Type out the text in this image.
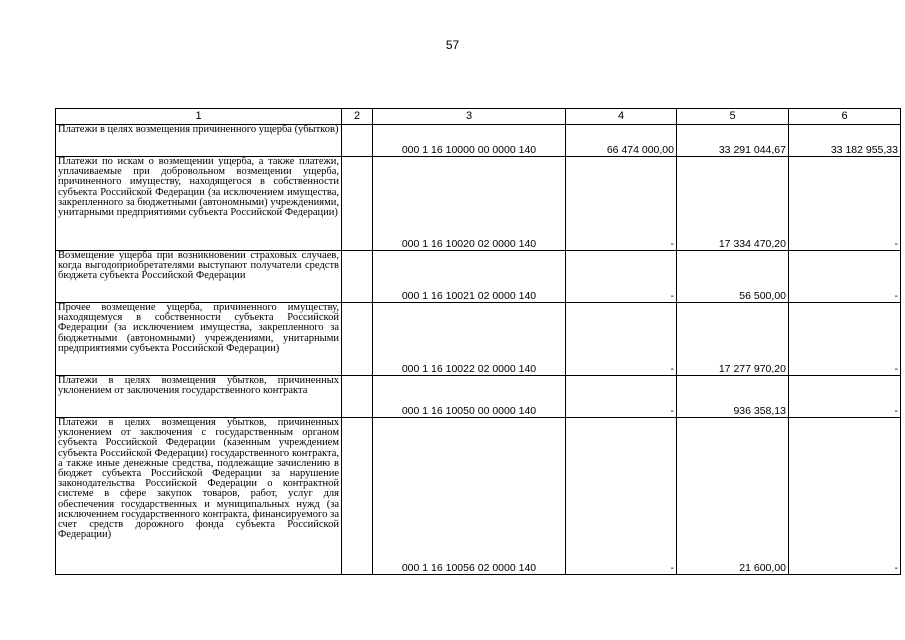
57
1	2	3	4	5	6
Платежи в целях возмещения причиненного ущерба (убытков)		000 1 16 10000 00 0000 140	66 474 000,00	33 291 044,67	33 182 955,33
Платежи по искам о возмещении ущерба, а также платежи, уплачиваемые при добровольном возмещении ущерба, причиненного имуществу, находящегося в собственности субъекта Российской Федерации (за исключением имущества, закрепленного за бюджетными (автономными) учреждениями, унитарными предприятиями субъекта Российской Федерации)		000 1 16 10020 02 0000 140	-	17 334 470,20	-
Возмещение ущерба при возникновении страховых случаев, когда выгодоприобретателями выступают получатели средств бюджета субъекта Российской Федерации		000 1 16 10021 02 0000 140	-	56 500,00	-
Прочее возмещение ущерба, причиненного имуществу, находящемуся в собственности субъекта Российской Федерации (за исключением имущества, закрепленного за бюджетными (автономными) учреждениями, унитарными предприятиями субъекта Российской Федерации)		000 1 16 10022 02 0000 140	-	17 277 970,20	-
Платежи в целях возмещения убытков, причиненных уклонением от заключения государственного контракта		000 1 16 10050 00 0000 140	-	936 358,13	-
Платежи в целях возмещения убытков, причиненных уклонением от заключения с государственным органом субъекта Российской Федерации (казенным учреждением субъекта Российской Федерации) государственного контракта, а также иные денежные средства, подлежащие зачислению в бюджет субъекта Российской Федерации за нарушение законодательства Российской Федерации о контрактной системе в сфере закупок товаров, работ, услуг для обеспечения государственных и муниципальных нужд (за исключением государственного контракта, финансируемого за счет средств дорожного фонда субъекта Российской Федерации)		000 1 16 10056 02 0000 140	-	21 600,00	-
